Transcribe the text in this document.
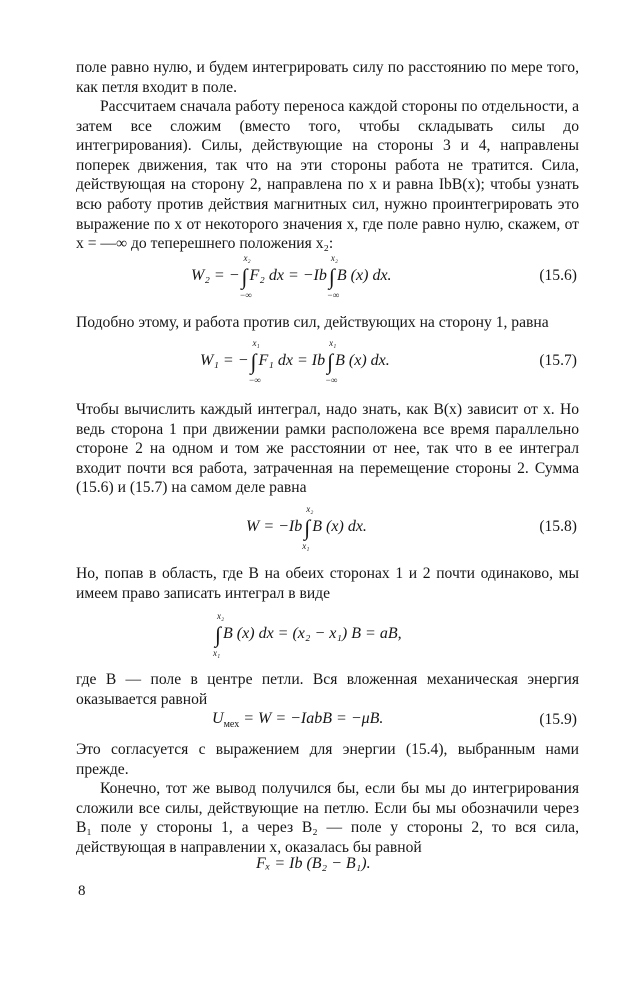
поле равно нулю, и будем интегрировать силу по расстоянию по мере того, как петля входит в поле.

Рассчитаем сначала работу переноса каждой стороны по отдельности, а затем все сложим (вместо того, чтобы складывать силы до интегрирования). Силы, действующие на стороны 3 и 4, направлены поперек движения, так что на эти стороны работа не тратится. Сила, действующая на сторону 2, направлена по x и равна IbB(x); чтобы узнать всю работу против действия магнитных сил, нужно проинтегрировать это выражение по x от некоторого значения x, где поле равно нулю, скажем, от x = —∞ до теперешнего положения x₂:

W₂ = −∫
x₂
−∞
F₂ dx = −Ib∫
x₂
−∞
B (x) dx.	(15.6)

Подобно этому, и работа против сил, действующих на сторону 1, равна

W₁ = −∫
x₁
−∞
F₁ dx = Ib∫
x₁
−∞
B (x) dx.	(15.7)

Чтобы вычислить каждый интеграл, надо знать, как B(x) зависит от x. Но ведь сторона 1 при движении рамки расположена все время параллельно стороне 2 на одном и том же расстоянии от нее, так что в ее интеграл входит почти вся работа, затраченная на перемещение стороны 2. Сумма (15.6) и (15.7) на самом деле равна

W = −Ib∫
x₂
x₁
B (x) dx.	(15.8)

Но, попав в область, где B на обеих сторонах 1 и 2 почти одинаково, мы имеем право записать интеграл в виде

∫
x₂
x₁
B (x) dx = (x₂ − x₁) B = aB,

где B — поле в центре петли. Вся вложенная механическая энергия оказывается равной

$U_{мех} = W$ = −IabB = −μB.	(15.9)

Это согласуется с выражением для энергии (15.4), выбранным нами прежде.

Конечно, тот же вывод получился бы, если бы мы до интегрирования сложили все силы, действующие на петлю. Если бы мы обозначили через B₁ поле у стороны 1, а через B₂ — поле у стороны 2, то вся сила, действующая в направлении x, оказалась бы равной

Fₓ = Ib (B₂ − B₁).
8
